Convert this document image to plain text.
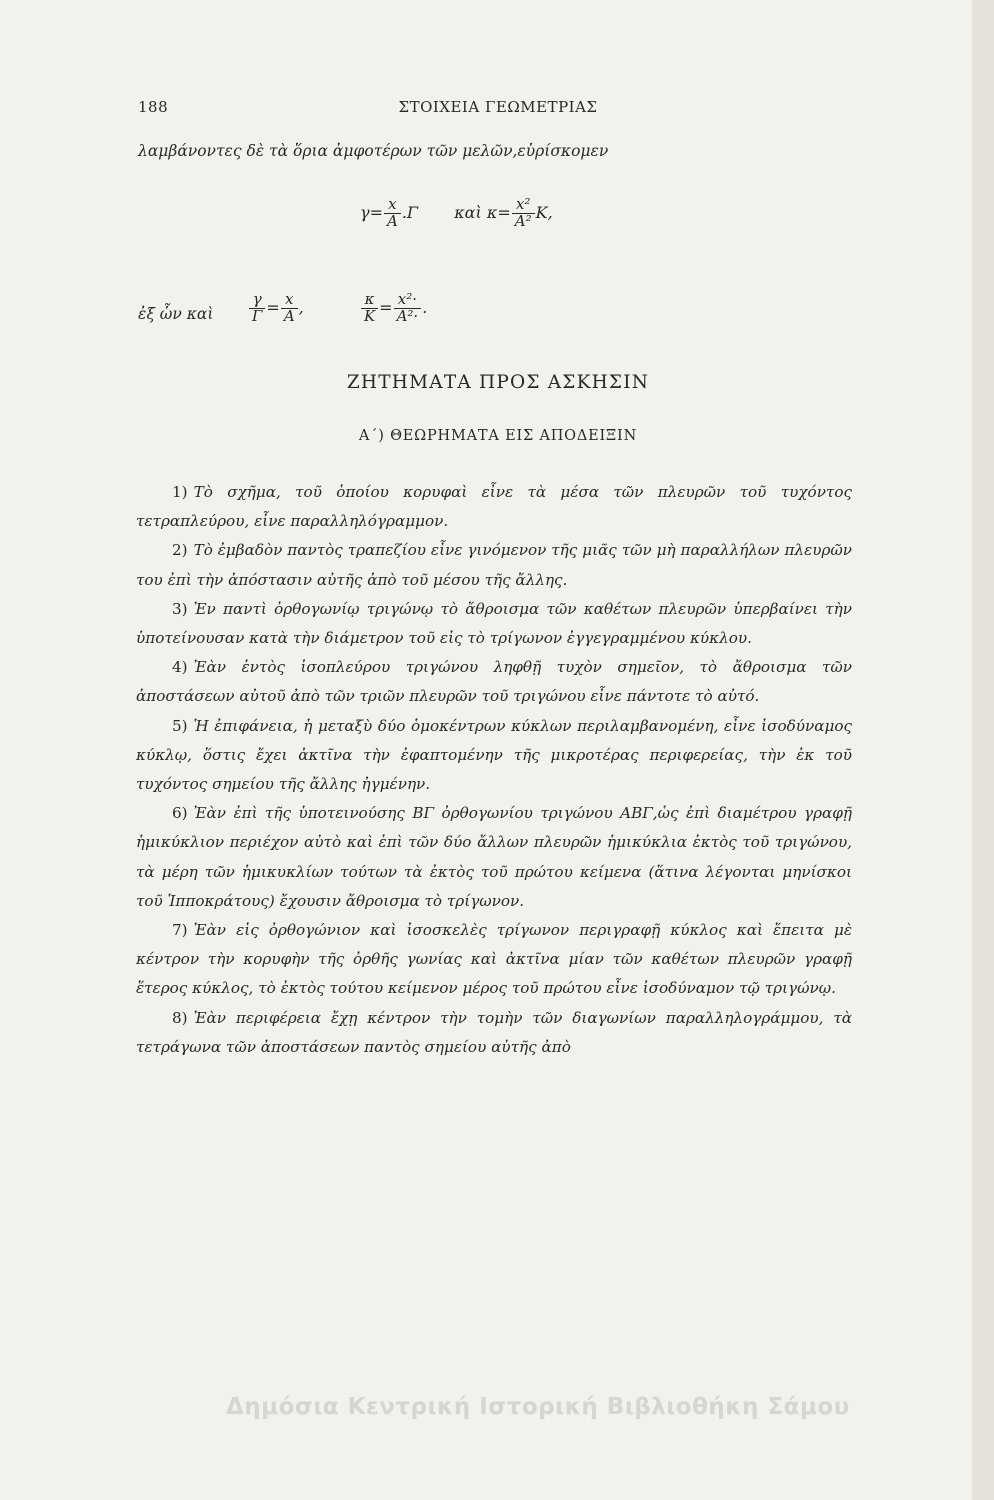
188	ΣΤΟΙΧΕΙΑ ΓΕΩΜΕΤΡΙΑΣ
λαμβάνοντες δὲ τὰ ὅρια ἀμφοτέρων τῶν μελῶν,εὑρίσκομεν
$\gamma= \frac{x}{A} .\Gamma$ καὶ $\kappa= \frac{\text{x²}}{\text{A²}} K$,
ἐξ ὧν καὶ $\frac{\gamma}{\Gamma} = \frac{x}{A}$ ,	$\frac{\kappa}{K} = \frac{\text{x²·}}{\text{A²·}}$ .
ΖΗΤΗΜΑΤΑ ΠΡΟΣ ΑΣΚΗΣΙΝ
Α΄) ΘΕΩΡΗΜΑΤΑ ΕΙΣ ΑΠΟΔΕΙΞΙΝ

1) Τὸ σχῆμα, τοῦ ὁποίου κορυφαὶ εἶνε τὰ μέσα τῶν πλευρῶν τοῦ τυχόντος τετραπλεύρου, εἶνε παραλληλόγραμμον.

2) Τὸ ἐμβαδὸν παντὸς τραπεζίου εἶνε γινόμενον τῆς μιᾶς τῶν μὴ παραλλήλων πλευρῶν του ἐπὶ τὴν ἀπόστασιν αὐτῆς ἀπὸ τοῦ μέσου τῆς ἄλλης.

3) Ἐν παντὶ ὀρθογωνίῳ τριγώνῳ τὸ ἄθροισμα τῶν καθέτων πλευρῶν ὑπερβαίνει τὴν ὑποτείνουσαν κατὰ τὴν διάμετρον τοῦ εἰς τὸ τρίγωνον ἐγγεγραμμένου κύκλου.

4) Ἐὰν ἐντὸς ἰσοπλεύρου τριγώνου ληφθῇ τυχὸν σημεῖον, τὸ ἄθροισμα τῶν ἀποστάσεων αὐτοῦ ἀπὸ τῶν τριῶν πλευρῶν τοῦ τριγώνου εἶνε πάντοτε τὸ αὐτό.

5) Ἡ ἐπιφάνεια, ἡ μεταξὺ δύο ὁμοκέντρων κύκλων περιλαμβανομένη, εἶνε ἰσοδύναμος κύκλῳ, ὅστις ἔχει ἀκτῖνα τὴν ἐφαπτομένην τῆς μικροτέρας περιφερείας, τὴν ἐκ τοῦ τυχόντος σημείου τῆς ἄλλης ἠγμένην.

6) Ἐὰν ἐπὶ τῆς ὑποτεινούσης ΒΓ ὀρθογωνίου τριγώνου ΑΒΓ,ὡς ἐπὶ διαμέτρου γραφῇ ἡμικύκλιον περιέχον αὐτὸ καὶ ἐπὶ τῶν δύο ἄλλων πλευρῶν ἡμικύκλια ἐκτὸς τοῦ τριγώνου, τὰ μέρη τῶν ἡμικυκλίων τούτων τὰ ἐκτὸς τοῦ πρώτου κείμενα (ἅτινα λέγονται μηνίσκοι τοῦ Ἱπποκράτους) ἔχουσιν ἄθροισμα τὸ τρίγωνον.

7) Ἐὰν εἰς ὀρθογώνιον καὶ ἰσοσκελὲς τρίγωνον περιγραφῇ κύκλος καὶ ἔπειτα μὲ κέντρον τὴν κορυφὴν τῆς ὀρθῆς γωνίας καὶ ἀκτῖνα μίαν τῶν καθέτων πλευρῶν γραφῇ ἕτερος κύκλος, τὸ ἐκτὸς τούτου κείμενον μέρος τοῦ πρώτου εἶνε ἰσοδύναμον τῷ τριγώνῳ.

8) Ἐὰν περιφέρεια ἔχῃ κέντρον τὴν τομὴν τῶν διαγωνίων παραλληλογράμμου, τὰ τετράγωνα τῶν ἀποστάσεων παντὸς σημείου αὐτῆς ἀπὸ

Δημόσια Κεντρική Ιστορική Βιβλιοθήκη Σάμου
